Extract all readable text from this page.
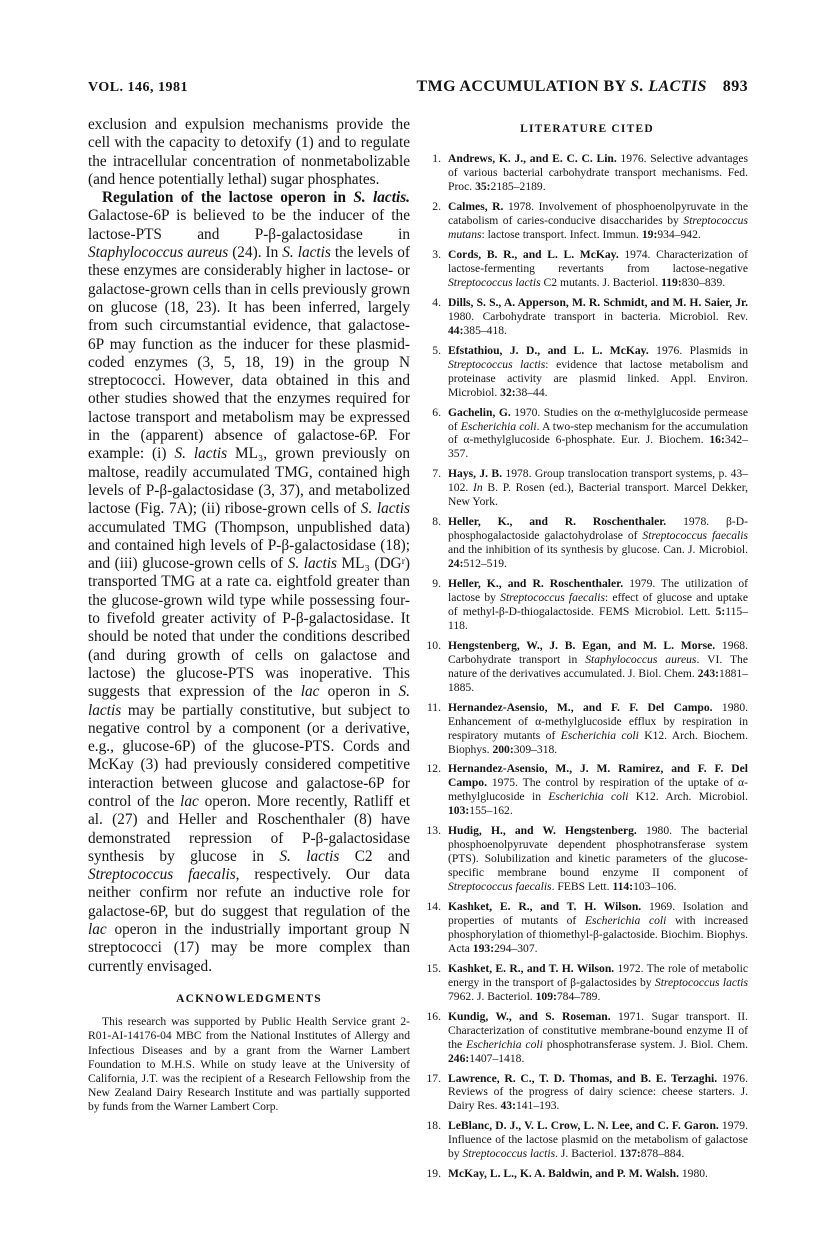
VOL. 146, 1981	TMG ACCUMULATION BY S. LACTIS 893

exclusion and expulsion mechanisms provide the cell with the capacity to detoxify (1) and to regulate the intracellular concentration of nonmetabolizable (and hence potentially lethal) sugar phosphates.

Regulation of the lactose operon in S. lactis. Galactose-6P is believed to be the inducer of the lactose-PTS and P-β-galactosidase in Staphylococcus aureus (24). In S. lactis the levels of these enzymes are considerably higher in lactose- or galactose-grown cells than in cells previously grown on glucose (18, 23). It has been inferred, largely from such circumstantial evidence, that galactose-6P may function as the inducer for these plasmid-coded enzymes (3, 5, 18, 19) in the group N streptococci. However, data obtained in this and other studies showed that the enzymes required for lactose transport and metabolism may be expressed in the (apparent) absence of galactose-6P. For example: (i) S. lactis ML₃, grown previously on maltose, readily accumulated TMG, contained high levels of P-β-galactosidase (3, 37), and metabolized lactose (Fig. 7A); (ii) ribose-grown cells of S. lactis accumulated TMG (Thompson, unpublished data) and contained high levels of P-β-galactosidase (18); and (iii) glucose-grown cells of S. lactis ML₃ (DGʳ) transported TMG at a rate ca. eightfold greater than the glucose-grown wild type while possessing four- to fivefold greater activity of P-β-galactosidase. It should be noted that under the conditions described (and during growth of cells on galactose and lactose) the glucose-PTS was inoperative. This suggests that expression of the lac operon in S. lactis may be partially constitutive, but subject to negative control by a component (or a derivative, e.g., glucose-6P) of the glucose-PTS. Cords and McKay (3) had previously considered competitive interaction between glucose and galactose-6P for control of the lac operon. More recently, Ratliff et al. (27) and Heller and Roschenthaler (8) have demonstrated repression of P-β-galactosidase synthesis by glucose in S. lactis C2 and Streptococcus faecalis, respectively. Our data neither confirm nor refute an inductive role for galactose-6P, but do suggest that regulation of the lac operon in the industrially important group N streptococci (17) may be more complex than currently envisaged.

ACKNOWLEDGMENTS

This research was supported by Public Health Service grant 2-R01-AI-14176-04 MBC from the National Institutes of Allergy and Infectious Diseases and by a grant from the Warner Lambert Foundation to M.H.S. While on study leave at the University of California, J.T. was the recipient of a Research Fellowship from the New Zealand Dairy Research Institute and was partially supported by funds from the Warner Lambert Corp.

LITERATURE CITED
1. Andrews, K. J., and E. C. C. Lin. 1976. Selective advantages of various bacterial carbohydrate transport mechanisms. Fed. Proc. 35:2185–2189.
2. Calmes, R. 1978. Involvement of phosphoenolpyruvate in the catabolism of caries-conducive disaccharides by Streptococcus mutans: lactose transport. Infect. Immun. 19:934–942.
3. Cords, B. R., and L. L. McKay. 1974. Characterization of lactose-fermenting revertants from lactose-negative Streptococcus lactis C2 mutants. J. Bacteriol. 119:830–839.
4. Dills, S. S., A. Apperson, M. R. Schmidt, and M. H. Saier, Jr. 1980. Carbohydrate transport in bacteria. Microbiol. Rev. 44:385–418.
5. Efstathiou, J. D., and L. L. McKay. 1976. Plasmids in Streptococcus lactis: evidence that lactose metabolism and proteinase activity are plasmid linked. Appl. Environ. Microbiol. 32:38–44.
6. Gachelin, G. 1970. Studies on the α-methylglucoside permease of Escherichia coli. A two-step mechanism for the accumulation of α-methylglucoside 6-phosphate. Eur. J. Biochem. 16:342–357.
7. Hays, J. B. 1978. Group translocation transport systems, p. 43–102. In B. P. Rosen (ed.), Bacterial transport. Marcel Dekker, New York.
8. Heller, K., and R. Roschenthaler. 1978. β-D-phosphogalactoside galactohydrolase of Streptococcus faecalis and the inhibition of its synthesis by glucose. Can. J. Microbiol. 24:512–519.
9. Heller, K., and R. Roschenthaler. 1979. The utilization of lactose by Streptococcus faecalis: effect of glucose and uptake of methyl-β-D-thiogalactoside. FEMS Microbiol. Lett. 5:115–118.
10. Hengstenberg, W., J. B. Egan, and M. L. Morse. 1968. Carbohydrate transport in Staphylococcus aureus. VI. The nature of the derivatives accumulated. J. Biol. Chem. 243:1881–1885.
11. Hernandez-Asensio, M., and F. F. Del Campo. 1980. Enhancement of α-methylglucoside efflux by respiration in respiratory mutants of Escherichia coli K12. Arch. Biochem. Biophys. 200:309–318.
12. Hernandez-Asensio, M., J. M. Ramirez, and F. F. Del Campo. 1975. The control by respiration of the uptake of α-methylglucoside in Escherichia coli K12. Arch. Microbiol. 103:155–162.
13. Hudig, H., and W. Hengstenberg. 1980. The bacterial phosphoenolpyruvate dependent phosphotransferase system (PTS). Solubilization and kinetic parameters of the glucose-specific membrane bound enzyme II component of Streptococcus faecalis. FEBS Lett. 114:103–106.
14. Kashket, E. R., and T. H. Wilson. 1969. Isolation and properties of mutants of Escherichia coli with increased phosphorylation of thiomethyl-β-galactoside. Biochim. Biophys. Acta 193:294–307.
15. Kashket, E. R., and T. H. Wilson. 1972. The role of metabolic energy in the transport of β-galactosides by Streptococcus lactis 7962. J. Bacteriol. 109:784–789.
16. Kundig, W., and S. Roseman. 1971. Sugar transport. II. Characterization of constitutive membrane-bound enzyme II of the Escherichia coli phosphotransferase system. J. Biol. Chem. 246:1407–1418.
17. Lawrence, R. C., T. D. Thomas, and B. E. Terzaghi. 1976. Reviews of the progress of dairy science: cheese starters. J. Dairy Res. 43:141–193.
18. LeBlanc, D. J., V. L. Crow, L. N. Lee, and C. F. Garon. 1979. Influence of the lactose plasmid on the metabolism of galactose by Streptococcus lactis. J. Bacteriol. 137:878–884.
19. McKay, L. L., K. A. Baldwin, and P. M. Walsh. 1980.
